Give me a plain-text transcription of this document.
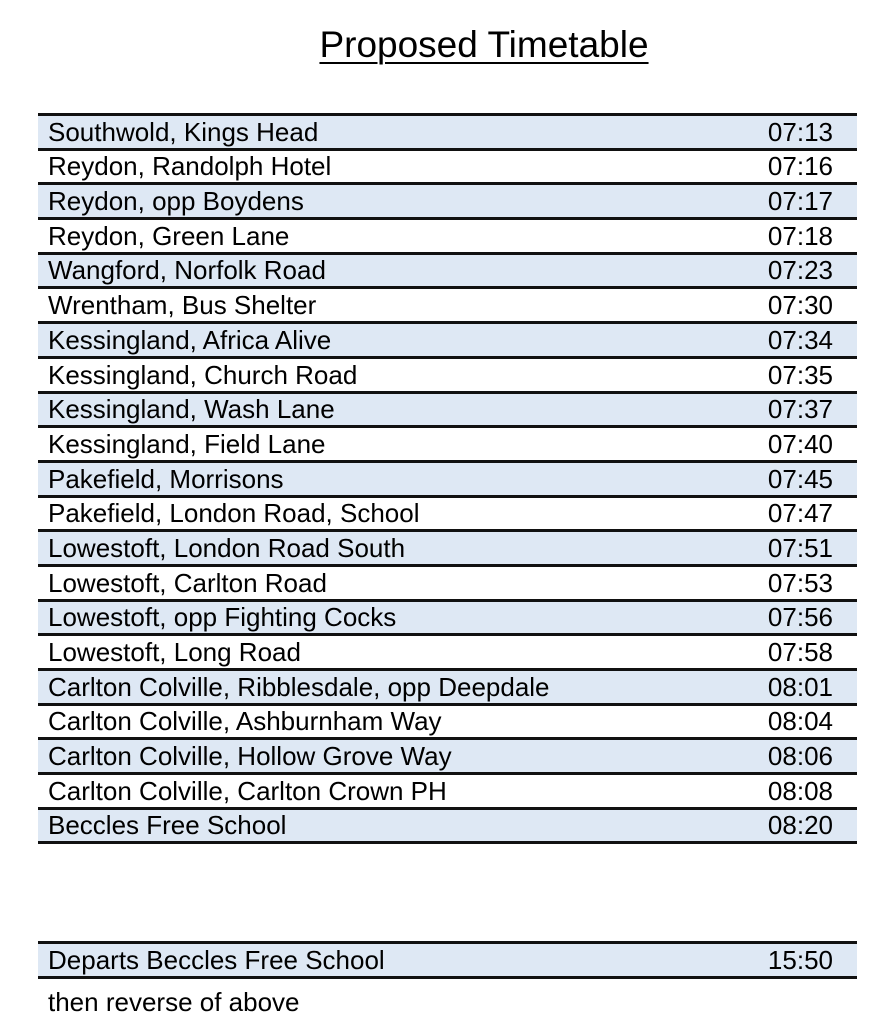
Proposed Timetable
Southwold, Kings Head	07:13
Reydon, Randolph Hotel	07:16
Reydon, opp Boydens	07:17
Reydon, Green Lane	07:18
Wangford, Norfolk Road	07:23
Wrentham, Bus Shelter	07:30
Kessingland, Africa Alive	07:34
Kessingland, Church Road	07:35
Kessingland, Wash Lane	07:37
Kessingland, Field Lane	07:40
Pakefield, Morrisons	07:45
Pakefield, London Road, School	07:47
Lowestoft, London Road South	07:51
Lowestoft, Carlton Road	07:53
Lowestoft, opp Fighting Cocks	07:56
Lowestoft, Long Road	07:58
Carlton Colville, Ribblesdale, opp Deepdale	08:01
Carlton Colville, Ashburnham Way	08:04
Carlton Colville, Hollow Grove Way	08:06
Carlton Colville, Carlton Crown PH	08:08
Beccles Free School	08:20
Departs Beccles Free School	15:50
then reverse of above
